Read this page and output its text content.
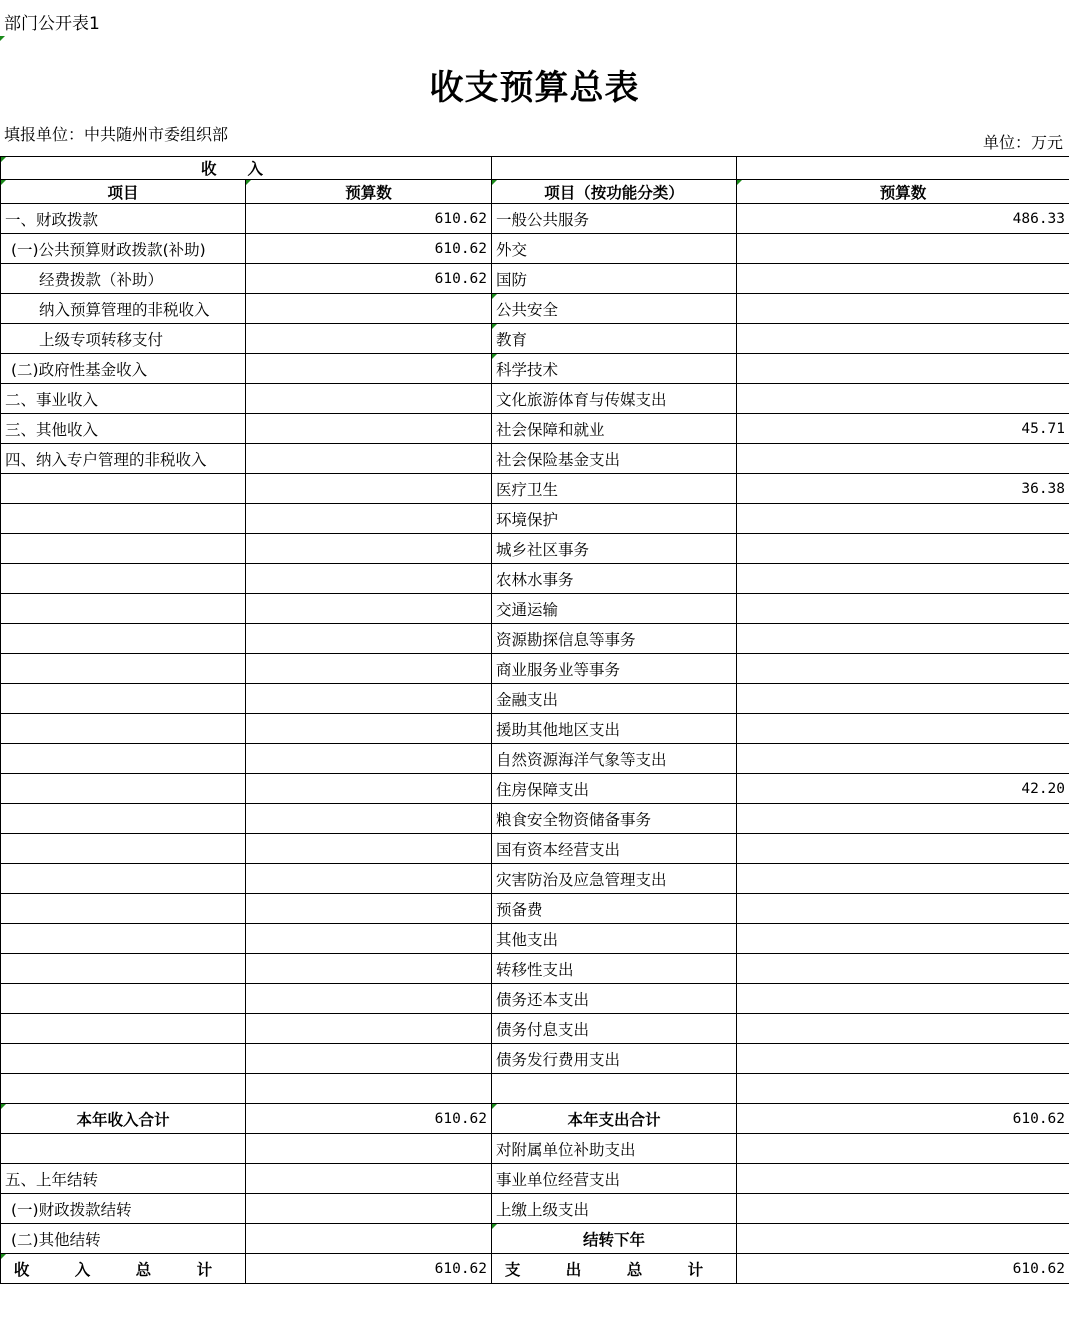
部门公开表1
收支预算总表
填报单位：中共随州市委组织部	单位：万元
收　　入			
项目	预算数	项目（按功能分类）	预算数
一、财政拨款	610.62	一般公共服务	486.33
(一)公共预算财政拨款(补助)	610.62	外交	
经费拨款（补助）	610.62	国防	
纳入预算管理的非税收入		公共安全	
上级专项转移支付		教育	
(二)政府性基金收入		科学技术	
二、事业收入		文化旅游体育与传媒支出	
三、其他收入		社会保障和就业	45.71
四、纳入专户管理的非税收入		社会保险基金支出	
		医疗卫生	36.38
		环境保护	
		城乡社区事务	
		农林水事务	
		交通运输	
		资源勘探信息等事务	
		商业服务业等事务	
		金融支出	
		援助其他地区支出	
		自然资源海洋气象等支出	
		住房保障支出	42.20
		粮食安全物资储备事务	
		国有资本经营支出	
		灾害防治及应急管理支出	
		预备费	
		其他支出	
		转移性支出	
		债务还本支出	
		债务付息支出	
		债务发行费用支出	

本年收入合计	610.62	本年支出合计	610.62
		对附属单位补助支出	
五、上年结转		事业单位经营支出	
(一)财政拨款结转		上缴上级支出	
(二)其他结转		结转下年	
收 入 总 计	610.62	支 出 总 计	610.62
